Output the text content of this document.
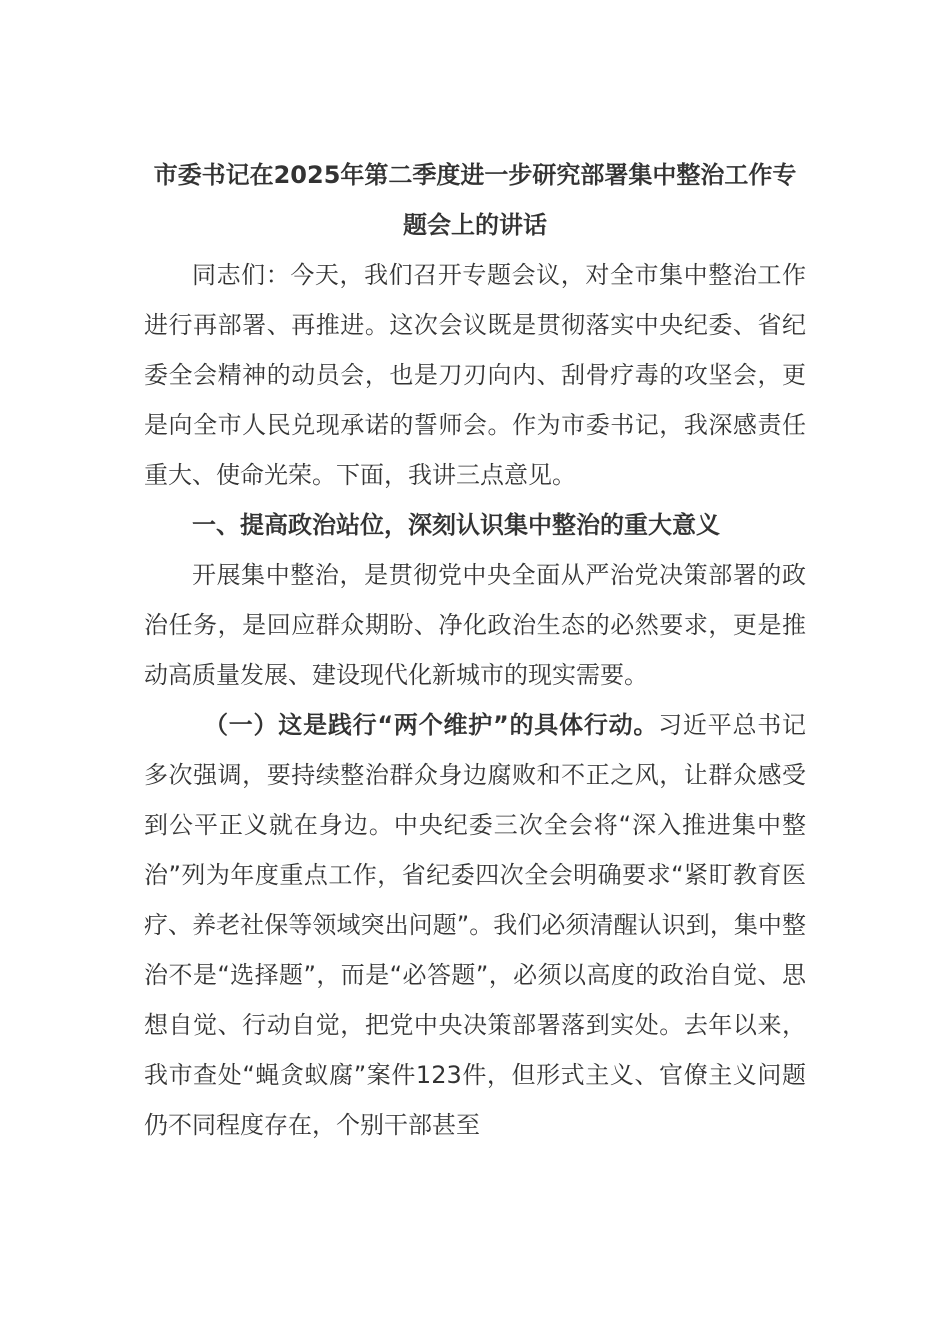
市委书记在2025年第二季度进一步研究部署集中整治工作专题会上的讲话

同志们：今天，我们召开专题会议，对全市集中整治工作进行再部署、再推进。这次会议既是贯彻落实中央纪委、省纪委全会精神的动员会，也是刀刃向内、刮骨疗毒的攻坚会，更是向全市人民兑现承诺的誓师会。作为市委书记，我深感责任重大、使命光荣。下面，我讲三点意见。

一、提高政治站位，深刻认识集中整治的重大意义

开展集中整治，是贯彻党中央全面从严治党决策部署的政治任务，是回应群众期盼、净化政治生态的必然要求，更是推动高质量发展、建设现代化新城市的现实需要。

（一）这是践行“两个维护”的具体行动。习近平总书记多次强调，要持续整治群众身边腐败和不正之风，让群众感受到公平正义就在身边。中央纪委三次全会将“深入推进集中整治”列为年度重点工作，省纪委四次全会明确要求“紧盯教育医疗、养老社保等领域突出问题”。我们必须清醒认识到，集中整治不是“选择题”，而是“必答题”，必须以高度的政治自觉、思想自觉、行动自觉，把党中央决策部署落到实处。去年以来，我市查处“蝇贪蚁腐”案件123件，但形式主义、官僚主义问题仍不同程度存在，个别干部甚至
